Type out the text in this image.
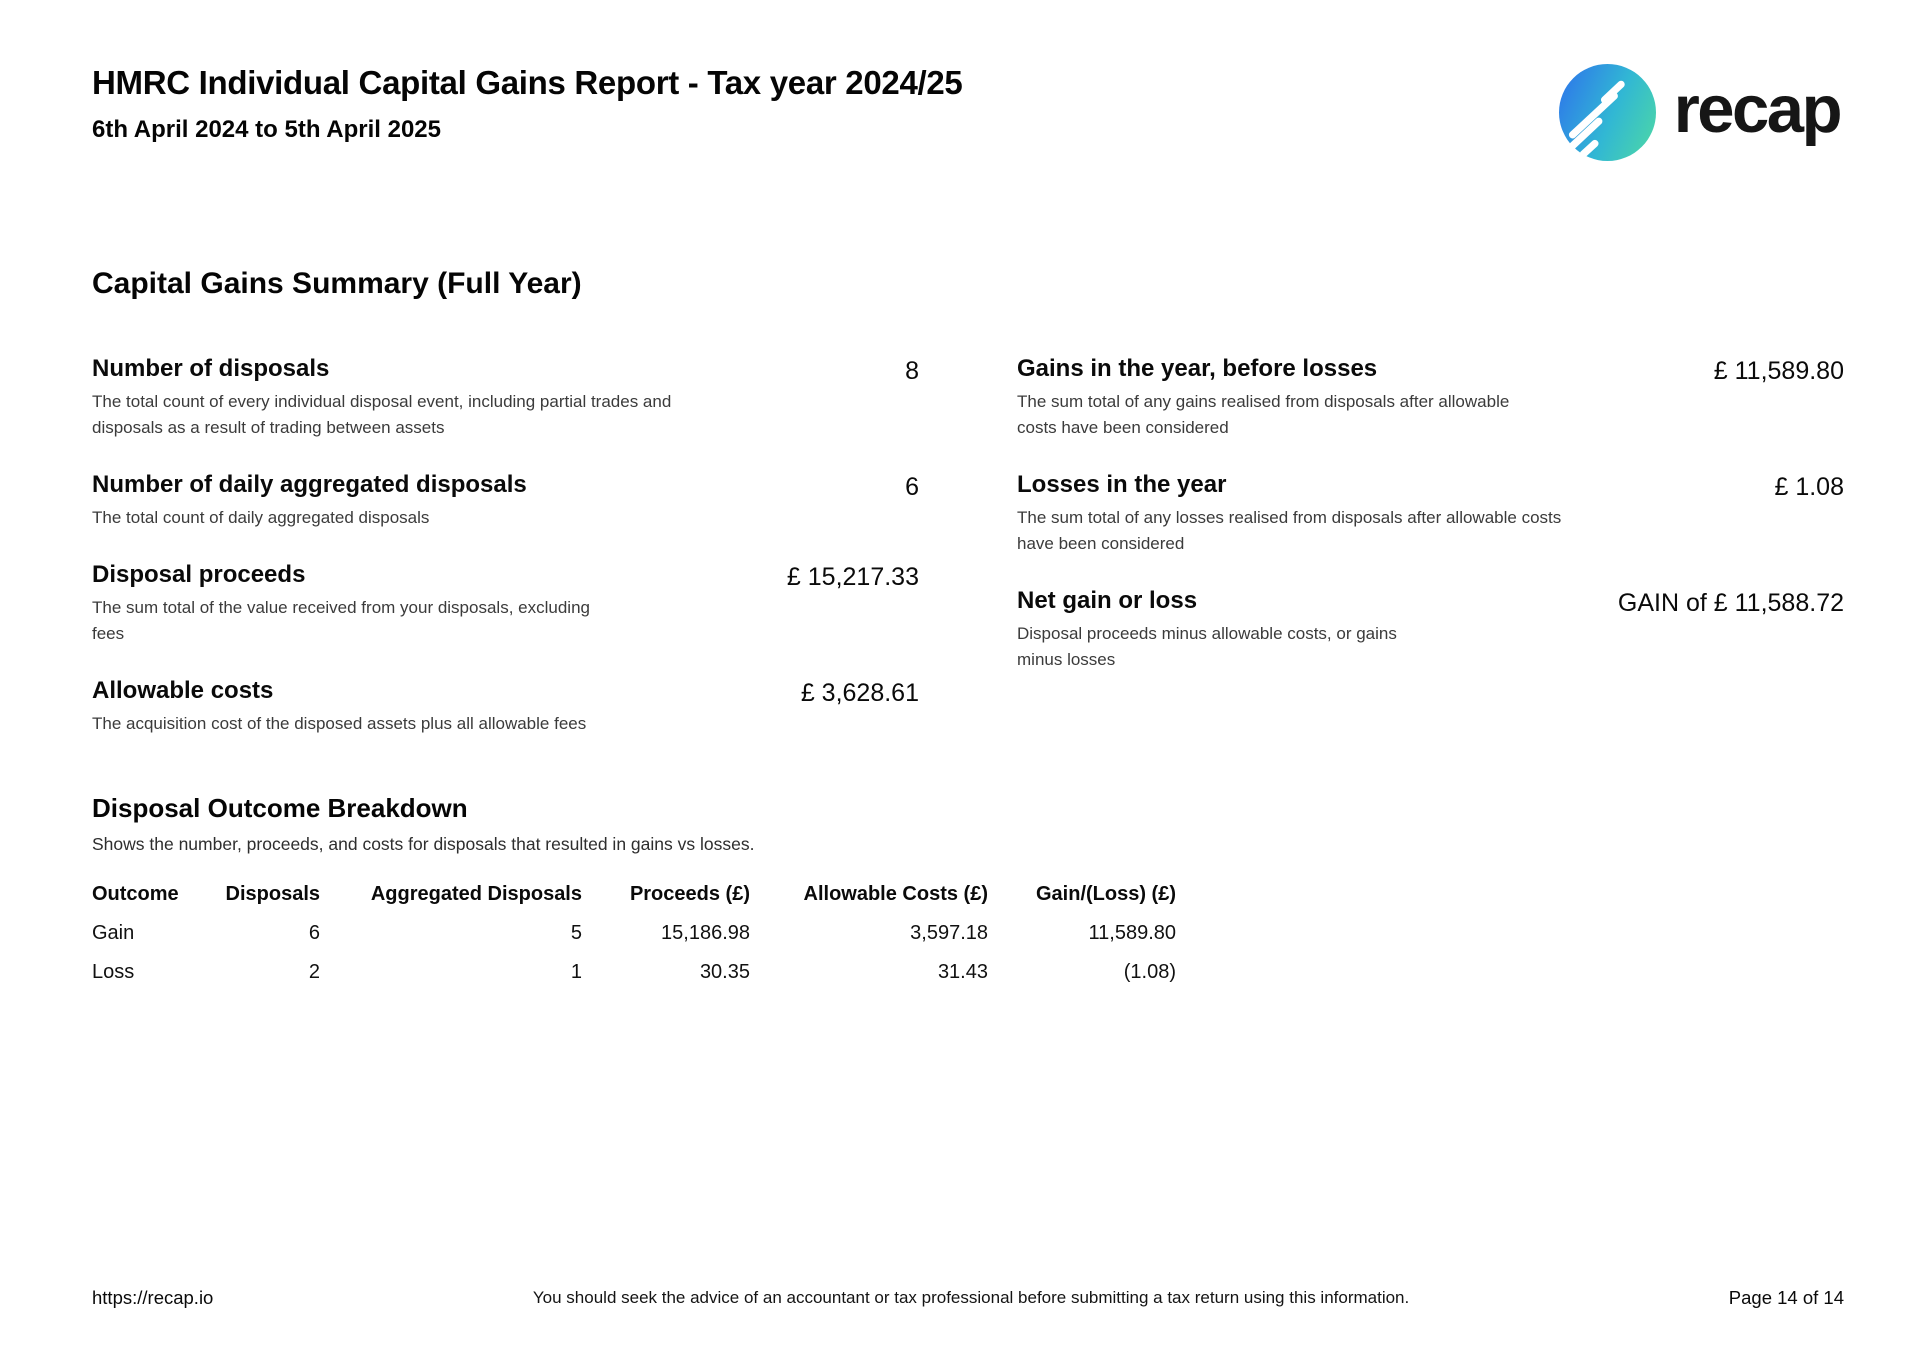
HMRC Individual Capital Gains Report - Tax year 2024/25
6th April 2024 to 5th April 2025	recap
Capital Gains Summary (Full Year)
Number of disposals
The total count of every individual disposal event, including partial trades and disposals as a result of trading between assets
8
Number of daily aggregated disposals
The total count of daily aggregated disposals
6
Disposal proceeds
The sum total of the value received from your disposals, excluding fees
£ 15,217.33
Allowable costs
The acquisition cost of the disposed assets plus all allowable fees
£ 3,628.61
Gains in the year, before losses
The sum total of any gains realised from disposals after allowable costs have been considered
£ 11,589.80
Losses in the year
The sum total of any losses realised from disposals after allowable costs have been considered
£ 1.08
Net gain or loss
Disposal proceeds minus allowable costs, or gains minus losses
GAIN of £ 11,588.72
Disposal Outcome Breakdown
Shows the number, proceeds, and costs for disposals that resulted in gains vs losses.
Outcome	Disposals	Aggregated Disposals	Proceeds (£)	Allowable Costs (£)	Gain/(Loss) (£)
Gain	6	5	15,186.98	3,597.18	11,589.80
Loss	2	1	30.35	31.43	(1.08)
https://recap.io	You should seek the advice of an accountant or tax professional before submitting a tax return using this information.	Page 14 of 14
